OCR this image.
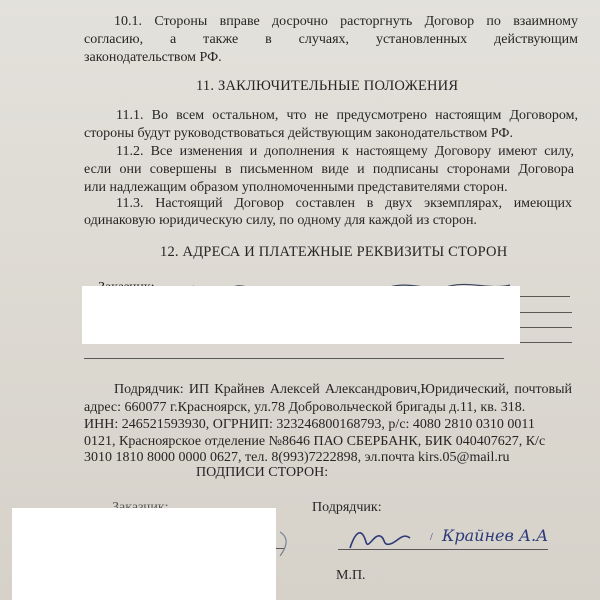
10.1. Стороны вправе досрочно расторгнуть Договор по взаимному
согласию, а также в случаях, установленных действующим
законодательством РФ.
11. ЗАКЛЮЧИТЕЛЬНЫЕ ПОЛОЖЕНИЯ
11.1. Во всем остальном, что не предусмотрено настоящим Договором,
стороны будут руководствоваться действующим законодательством РФ.
11.2. Все изменения и дополнения к настоящему Договору имеют силу,
если они совершены в письменном виде и подписаны сторонами Договора
или надлежащим образом уполномоченными представителями сторон.
11.3. Настоящий Договор составлен в двух экземплярах, имеющих
одинаковую юридическую силу, по одному для каждой из сторон.
12. АДРЕСА И ПЛАТЕЖНЫЕ РЕКВИЗИТЫ СТОРОН
Подрядчик: ИП Крайнев Алексей Александрович,Юридический, почтовый
адрес: 660077 г.Красноярск, ул.78 Добровольческой бригады д.11, кв. 318.
ИНН: 246521593930, ОГРНИП: 323246800168793, р/с: 4080 2810 0310 0011
0121, Красноярское отделение №8646 ПАО СБЕРБАНК, БИК 040407627, К/с
3010 1810 8000 0000 0627, тел. 8(993)7222898, эл.почта kirs.05@mail.ru
ПОДПИСИ СТОРОН:
Подрядчик:
/ Крайнев А.А
М.П.
